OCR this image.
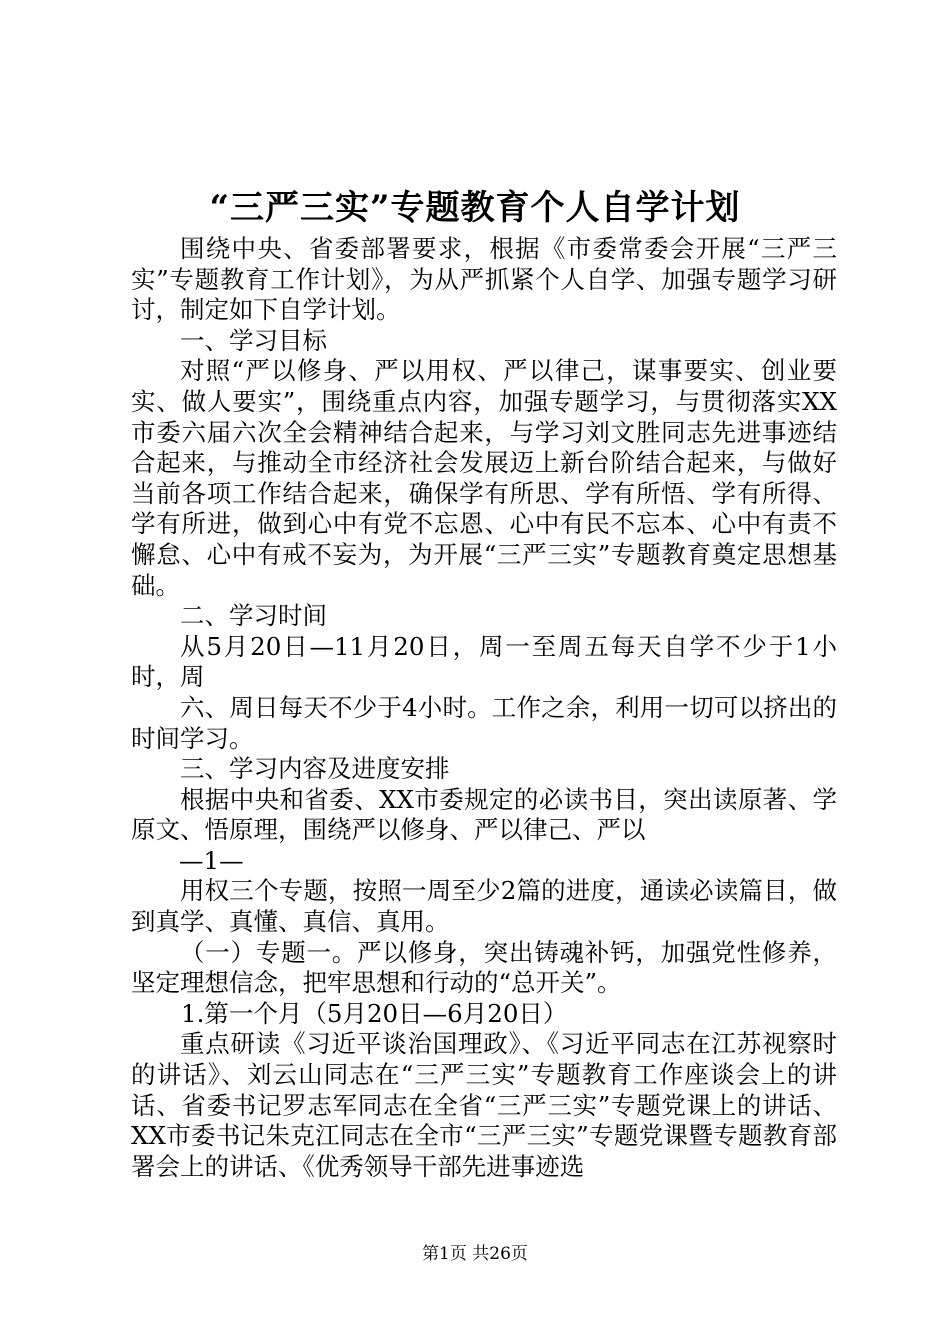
“三严三实”专题教育个人自学计划

围绕中央、省委部署要求，根据《市委常委会开展“三严三实”专题教育工作计划》，为从严抓紧个人自学、加强专题学习研讨，制定如下自学计划。

一、学习目标

对照“严以修身、严以用权、严以律己，谋事要实、创业要实、做人要实”，围绕重点内容，加强专题学习，与贯彻落实XX市委六届六次全会精神结合起来，与学习刘文胜同志先进事迹结合起来，与推动全市经济社会发展迈上新台阶结合起来，与做好当前各项工作结合起来，确保学有所思、学有所悟、学有所得、学有所进，做到心中有党不忘恩、心中有民不忘本、心中有责不懈怠、心中有戒不妄为，为开展“三严三实”专题教育奠定思想基础。

二、学习时间

从5月20日—11月20日，周一至周五每天自学不少于1小时，周

六、周日每天不少于4小时。工作之余，利用一切可以挤出的时间学习。

三、学习内容及进度安排

根据中央和省委、XX市委规定的必读书目，突出读原著、学原文、悟原理，围绕严以修身、严以律己、严以

—1—

用权三个专题，按照一周至少2篇的进度，通读必读篇目，做到真学、真懂、真信、真用。

（一）专题一。严以修身，突出铸魂补钙，加强党性修养，坚定理想信念，把牢思想和行动的“总开关”。

1.第一个月（5月20日—6月20日）

重点研读《习近平谈治国理政》、《习近平同志在江苏视察时的讲话》、刘云山同志在“三严三实”专题教育工作座谈会上的讲话、省委书记罗志军同志在全省“三严三实”专题党课上的讲话、XX市委书记朱克江同志在全市“三严三实”专题党课暨专题教育部署会上的讲话、《优秀领导干部先进事迹选

第1页 共26页
